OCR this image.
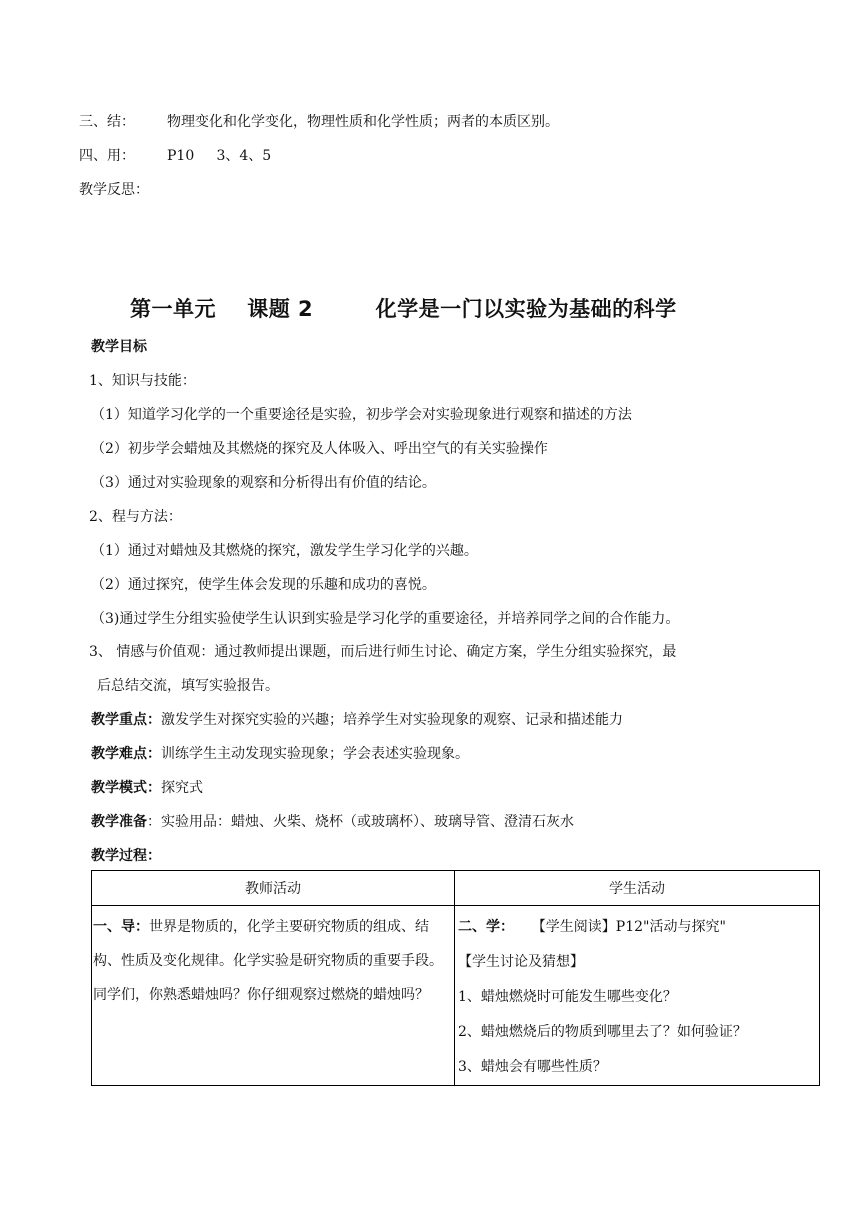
三、结： 物理变化和化学变化，物理性质和化学性质；两者的本质区别。
四、用： P10     3、4、5
教学反思：
第一单元    课题 2        化学是一门以实验为基础的科学
教学目标
1、知识与技能：
（1）知道学习化学的一个重要途径是实验，初步学会对实验现象进行观察和描述的方法
（2）初步学会蜡烛及其燃烧的探究及人体吸入、呼出空气的有关实验操作
（3）通过对实验现象的观察和分析得出有价值的结论。
2、程与方法：
（1）通过对蜡烛及其燃烧的探究，激发学生学习化学的兴趣。
（2）通过探究，使学生体会发现的乐趣和成功的喜悦。
（3)通过学生分组实验使学生认识到实验是学习化学的重要途径，并培养同学之间的合作能力。
3、 情感与价值观：通过教师提出课题，而后进行师生讨论、确定方案，学生分组实验探究，最
后总结交流，填写实验报告。
教学重点：激发学生对探究实验的兴趣；培养学生对实验现象的观察、记录和描述能力
教学难点：训练学生主动发现实验现象；学会表述实验现象。
教学模式：探究式
教学准备：实验用品：蜡烛、火柴、烧杯（或玻璃杯）、玻璃导管、澄清石灰水
教学过程：
教师活动	学生活动

一、导：世界是物质的，化学主要研究物质的组成、结构、性质及变化规律。化学实验是研究物质的重要手段。同学们，你熟悉蜡烛吗？你仔细观察过燃烧的蜡烛吗？	二、学：    【学生阅读】P12"活动与探究"
【学生讨论及猜想】
1、蜡烛燃烧时可能发生哪些变化？
2、蜡烛燃烧后的物质到哪里去了？如何验证？
3、蜡烛会有哪些性质？
